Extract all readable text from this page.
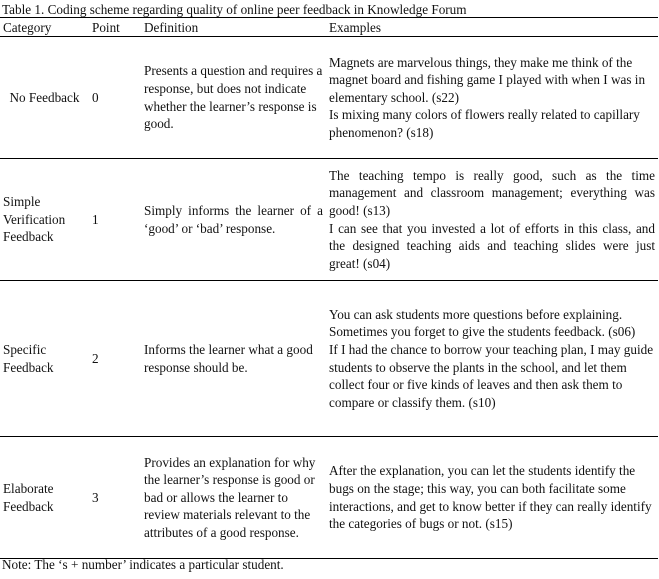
Table 1. Coding scheme regarding quality of online peer feedback in Knowledge Forum
Category	Point	Definition	Examples
No Feedback	0	Presents a question and requires a response, but does not indicate whether the learner’s response is good.	Magnets are marvelous things, they make me think of the magnet board and fishing game I played with when I was in elementary school. (s22)
Is mixing many colors of flowers really related to capillary phenomenon? (s18)

Simple Verification Feedback	1	Simply informs the learner of a ‘good’ or ‘bad’ response.	The teaching tempo is really good, such as the time management and classroom management; everything was good! (s13)
I can see that you invested a lot of efforts in this class, and the designed teaching aids and teaching slides were just great! (s04)

Specific Feedback	2	Informs the learner what a good response should be.	You can ask students more questions before explaining. Sometimes you forget to give the students feedback. (s06)
If I had the chance to borrow your teaching plan, I may guide students to observe the plants in the school, and let them collect four or five kinds of leaves and then ask them to compare or classify them. (s10)

Elaborate Feedback	3	Provides an explanation for why the learner’s response is good or bad or allows the learner to review materials relevant to the attributes of a good response.	After the explanation, you can let the students identify the bugs on the stage; this way, you can both facilitate some interactions, and get to know better if they can really identify the categories of bugs or not. (s15)
Note: The ‘s + number’ indicates a particular student.
